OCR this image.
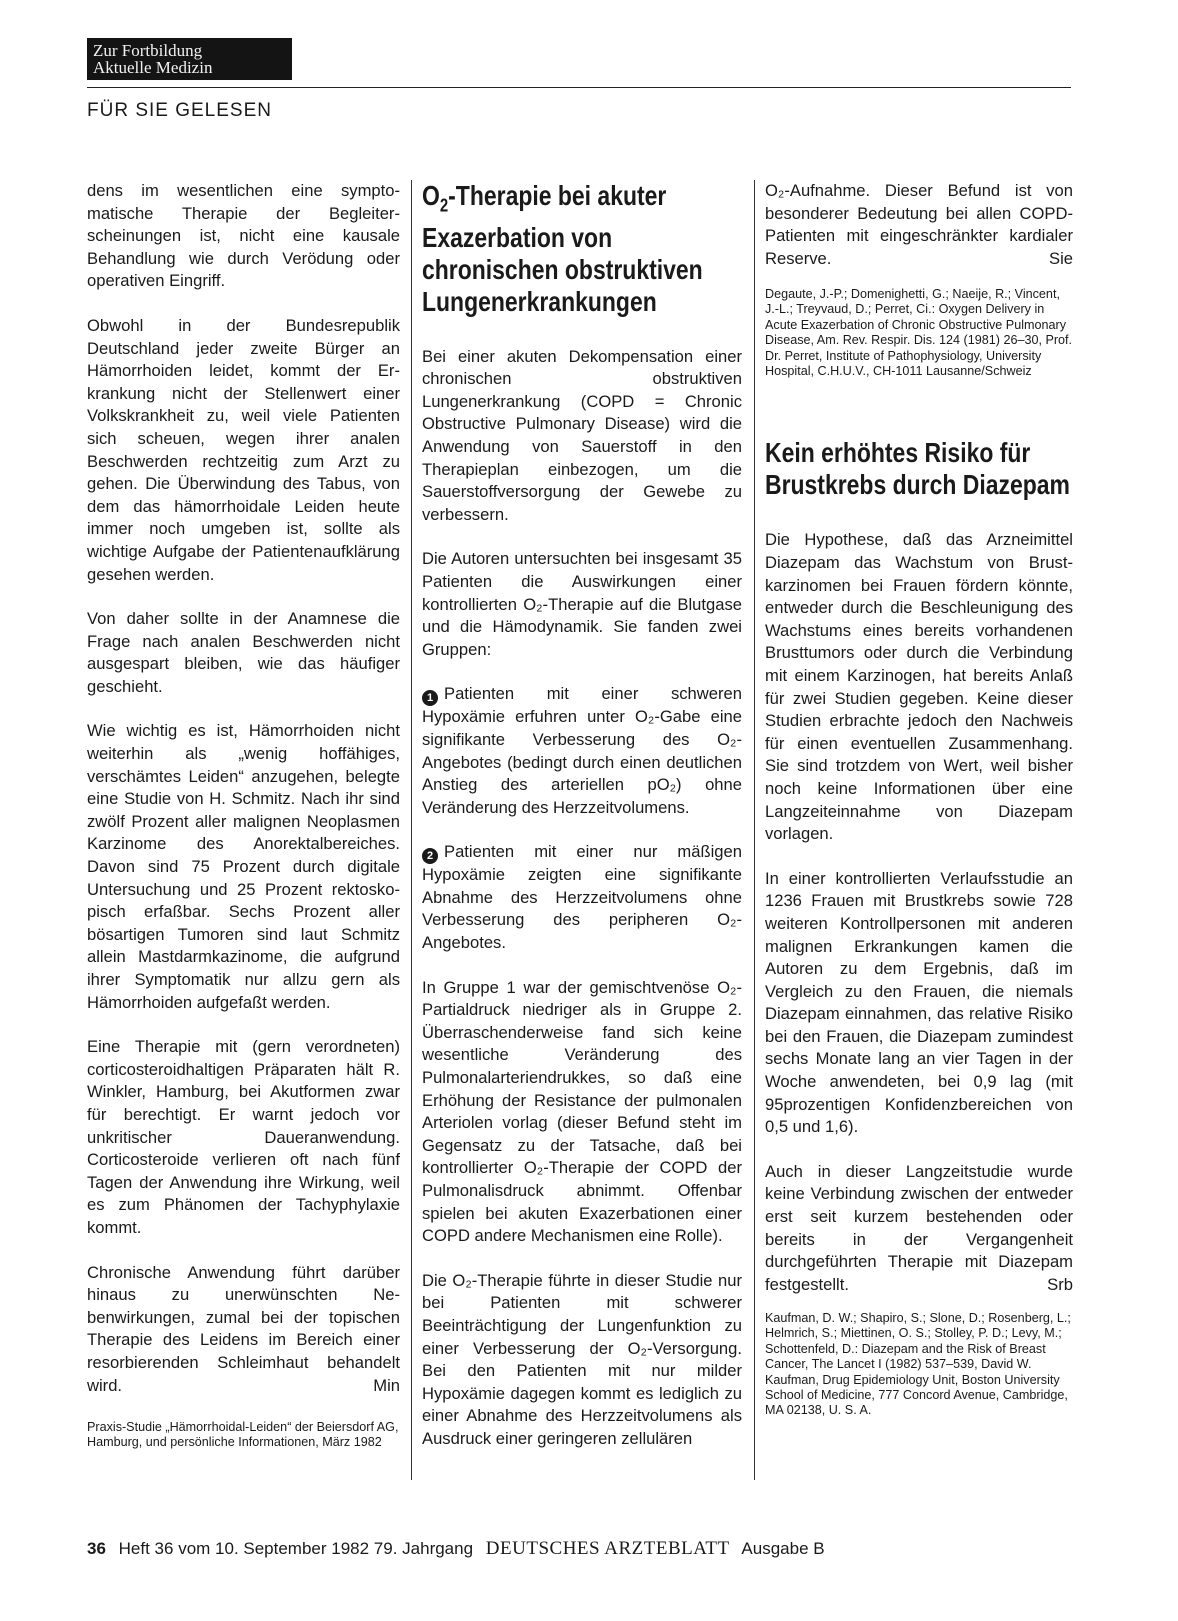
Zur Fortbildung
Aktuelle Medizin
FÜR SIE GELESEN

dens im wesentlichen eine symptomatische Therapie der Begleiterscheinungen ist, nicht eine kausale Behandlung wie durch Verödung oder operativen Eingriff.

Obwohl in der Bundesrepublik Deutschland jeder zweite Bürger an Hämorrhoiden leidet, kommt der Erkrankung nicht der Stellenwert einer Volkskrankheit zu, weil viele Patienten sich scheuen, wegen ihrer analen Beschwerden rechtzeitig zum Arzt zu gehen. Die Überwindung des Tabus, von dem das hämorrhoidale Leiden heute immer noch umgeben ist, sollte als wichtige Aufgabe der Patientenaufklärung gesehen werden.

Von daher sollte in der Anamnese die Frage nach analen Beschwerden nicht ausgespart bleiben, wie das häufiger geschieht.

Wie wichtig es ist, Hämorrhoiden nicht weiterhin als „wenig hoffähiges, verschämtes Leiden“ anzugehen, belegte eine Studie von H. Schmitz. Nach ihr sind zwölf Prozent aller malignen Neoplasmen Karzinome des Anorektalbereiches. Davon sind 75 Prozent durch digitale Untersuchung und 25 Prozent rektoskopisch erfaßbar. Sechs Prozent aller bösartigen Tumoren sind laut Schmitz allein Mastdarmkazinome, die aufgrund ihrer Symptomatik nur allzu gern als Hämorrhoiden aufgefaßt werden.

Eine Therapie mit (gern verordneten) corticosteroidhaltigen Präparaten hält R. Winkler, Hamburg, bei Akutformen zwar für berechtigt. Er warnt jedoch vor unkritischer Daueranwendung. Corticosteroide verlieren oft nach fünf Tagen der Anwendung ihre Wirkung, weil es zum Phänomen der Tachyphylaxie kommt.

Chronische Anwendung führt darüber hinaus zu unerwünschten Nebenwirkungen, zumal bei der topischen Therapie des Leidens im Bereich einer resorbierenden Schleimhaut behandelt wird.	Min

Praxis-Studie „Hämorrhoidal-Leiden“ der Beiersdorf AG, Hamburg, und persönliche Informationen, März 1982

$O_2$-Therapie bei akuter Exazerbation von chronischen obstruktiven Lungenerkrankungen

Bei einer akuten Dekompensation einer chronischen obstruktiven Lungenerkrankung (COPD = Chronic Obstructive Pulmonary Disease) wird die Anwendung von Sauerstoff in den Therapieplan einbezogen, um die Sauerstoffversorgung der Gewebe zu verbessern.

Die Autoren untersuchten bei insgesamt 35 Patienten die Auswirkungen einer kontrollierten O₂-Therapie auf die Blutgase und die Hämodynamik. Sie fanden zwei Gruppen:

1 Patienten mit einer schweren Hypoxämie erfuhren unter O₂-Gabe eine signifikante Verbesserung des O₂-Angebotes (bedingt durch einen deutlichen Anstieg des arteriellen pO₂) ohne Veränderung des Herzzeitvolumens.

2 Patienten mit einer nur mäßigen Hypoxämie zeigten eine signifikante Abnahme des Herzzeitvolumens ohne Verbesserung des peripheren O₂-Angebotes.

In Gruppe 1 war der gemischtvenöse O₂-Partialdruck niedriger als in Gruppe 2. Überraschenderweise fand sich keine wesentliche Veränderung des Pulmonalarteriendrukkes, so daß eine Erhöhung der Resistance der pulmonalen Arteriolen vorlag (dieser Befund steht im Gegensatz zu der Tatsache, daß bei kontrollierter O₂-Therapie der COPD der Pulmonalisdruck abnimmt. Offenbar spielen bei akuten Exazerbationen einer COPD andere Mechanismen eine Rolle).

Die O₂-Therapie führte in dieser Studie nur bei Patienten mit schwerer Beeinträchtigung der Lungenfunktion zu einer Verbesserung der O₂-Versorgung. Bei den Patienten mit nur milder Hypoxämie dagegen kommt es lediglich zu einer Abnahme des Herzzeitvolumens als Ausdruck einer geringeren zellulären

O₂-Aufnahme. Dieser Befund ist von besonderer Bedeutung bei allen COPD-Patienten mit eingeschränkter kardialer Reserve.	Sie

Degaute, J.-P.; Domenighetti, G.; Naeije, R.; Vincent, J.-L.; Treyvaud, D.; Perret, Ci.: Oxygen Delivery in Acute Exazerbation of Chronic Obstructive Pulmonary Disease, Am. Rev. Respir. Dis. 124 (1981) 26–30, Prof. Dr. Perret, Institute of Pathophysiology, University Hospital, C.H.U.V., CH-1011 Lausanne/Schweiz

Kein erhöhtes Risiko für Brustkrebs durch Diazepam

Die Hypothese, daß das Arzneimittel Diazepam das Wachstum von Brustkarzinomen bei Frauen fördern könnte, entweder durch die Beschleunigung des Wachstums eines bereits vorhandenen Brusttumors oder durch die Verbindung mit einem Karzinogen, hat bereits Anlaß für zwei Studien gegeben. Keine dieser Studien erbrachte jedoch den Nachweis für einen eventuellen Zusammenhang. Sie sind trotzdem von Wert, weil bisher noch keine Informationen über eine Langzeiteinnahme von Diazepam vorlagen.

In einer kontrollierten Verlaufsstudie an 1236 Frauen mit Brustkrebs sowie 728 weiteren Kontrollpersonen mit anderen malignen Erkrankungen kamen die Autoren zu dem Ergebnis, daß im Vergleich zu den Frauen, die niemals Diazepam einnahmen, das relative Risiko bei den Frauen, die Diazepam zumindest sechs Monate lang an vier Tagen in der Woche anwendeten, bei 0,9 lag (mit 95prozentigen Konfidenzbereichen von 0,5 und 1,6).

Auch in dieser Langzeitstudie wurde keine Verbindung zwischen der entweder erst seit kurzem bestehenden oder bereits in der Vergangenheit durchgeführten Therapie mit Diazepam festgestellt.	Srb

Kaufman, D. W.; Shapiro, S.; Slone, D.; Rosenberg, L.; Helmrich, S.; Miettinen, O. S.; Stolley, P. D.; Levy, M.; Schottenfeld, D.: Diazepam and the Risk of Breast Cancer, The Lancet I (1982) 537–539, David W. Kaufman, Drug Epidemiology Unit, Boston University School of Medicine, 777 Concord Avenue, Cambridge, MA 02138, U. S. A.

36 Heft 36 vom 10. September 1982 79. Jahrgang DEUTSCHES ARZTEBLATT Ausgabe B
